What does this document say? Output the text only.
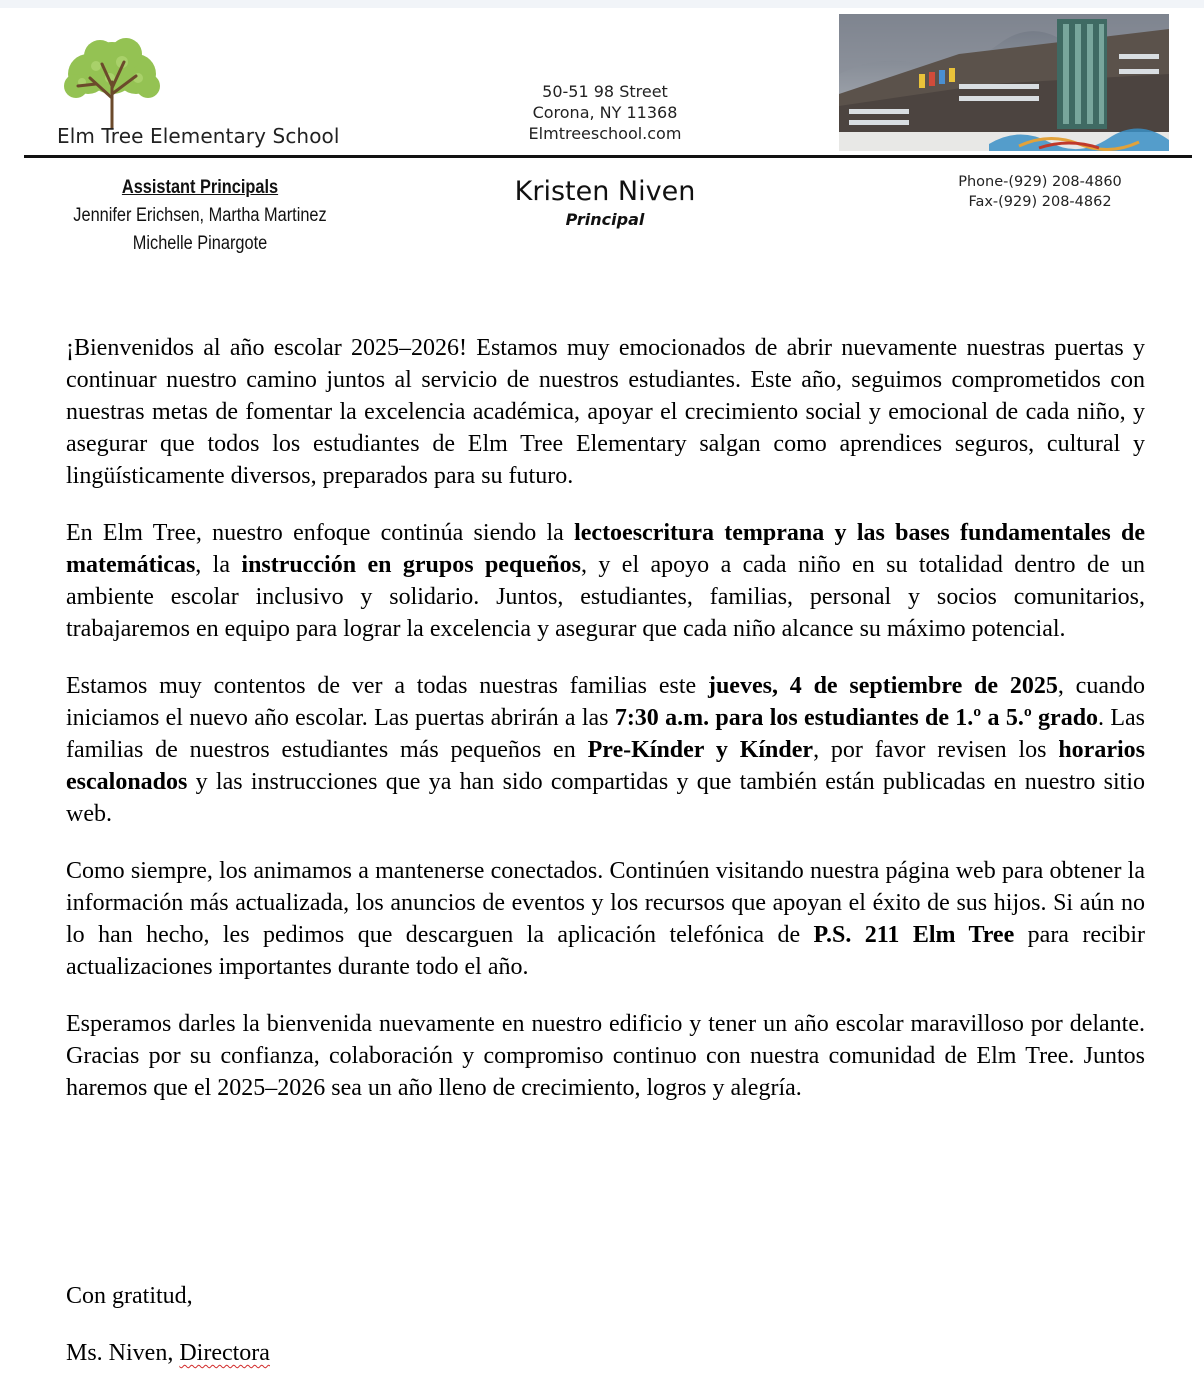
Elm Tree Elementary School
50-51 98 Street
Corona, NY 11368
Elmtreeschool.com
Assistant Principals
Jennifer Erichsen, Martha Martinez
Michelle Pinargote
Kristen Niven
Principal
Phone-(929) 208-4860
Fax-(929) 208-4862

¡Bienvenidos al año escolar 2025–2026! Estamos muy emocionados de abrir nuevamente nuestras puertas y continuar nuestro camino juntos al servicio de nuestros estudiantes. Este año, seguimos comprometidos con nuestras metas de fomentar la excelencia académica, apoyar el crecimiento social y emocional de cada niño, y asegurar que todos los estudiantes de Elm Tree Elementary salgan como aprendices seguros, cultural y lingüísticamente diversos, preparados para su futuro.

En Elm Tree, nuestro enfoque continúa siendo la lectoescritura temprana y las bases fundamentales de matemáticas, la instrucción en grupos pequeños, y el apoyo a cada niño en su totalidad dentro de un ambiente escolar inclusivo y solidario. Juntos, estudiantes, familias, personal y socios comunitarios, trabajaremos en equipo para lograr la excelencia y asegurar que cada niño alcance su máximo potencial.

Estamos muy contentos de ver a todas nuestras familias este jueves, 4 de septiembre de 2025, cuando iniciamos el nuevo año escolar. Las puertas abrirán a las 7:30 a.m. para los estudiantes de 1.º a 5.º grado. Las familias de nuestros estudiantes más pequeños en Pre-Kínder y Kínder, por favor revisen los horarios escalonados y las instrucciones que ya han sido compartidas y que también están publicadas en nuestro sitio web.

Como siempre, los animamos a mantenerse conectados. Continúen visitando nuestra página web para obtener la información más actualizada, los anuncios de eventos y los recursos que apoyan el éxito de sus hijos. Si aún no lo han hecho, les pedimos que descarguen la aplicación telefónica de P.S. 211 Elm Tree para recibir actualizaciones importantes durante todo el año.

Esperamos darles la bienvenida nuevamente en nuestro edificio y tener un año escolar maravilloso por delante. Gracias por su confianza, colaboración y compromiso continuo con nuestra comunidad de Elm Tree. Juntos haremos que el 2025–2026 sea un año lleno de crecimiento, logros y alegría.

Con gratitud,
Ms. Niven, Directora
